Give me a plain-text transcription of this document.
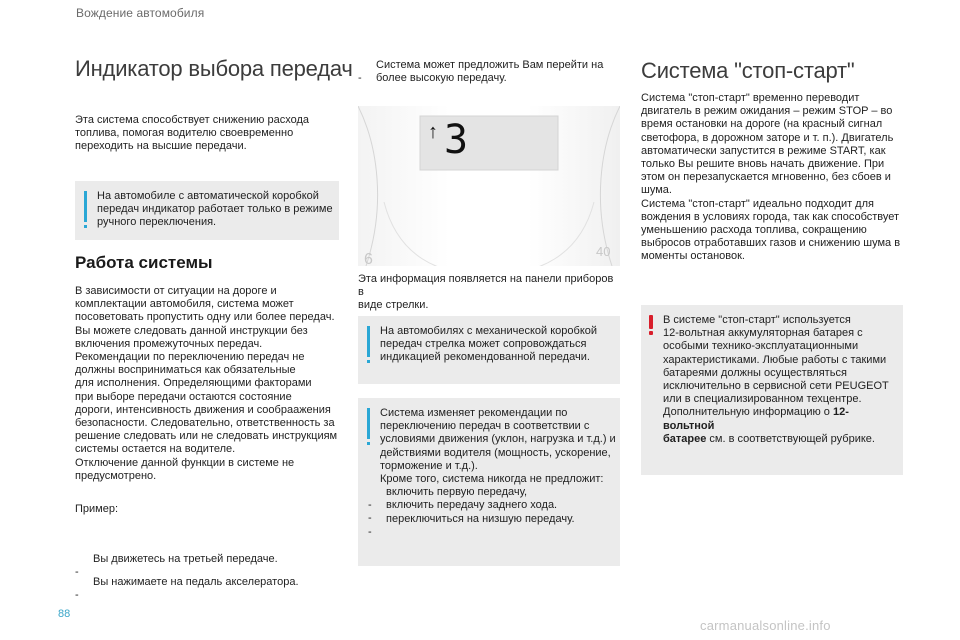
Вождение автомобиля
Индикатор выбора передач
Эта система способствует снижению расхода
топлива, помогая водителю своевременно
переходить на высшие передачи.
На автомобиле с автоматической коробкой
передач индикатор работает только в режиме
ручного переключения.
Работа системы
В зависимости от ситуации на дороге и
комплектации автомобиля, система может
посоветовать пропустить одну или более передач.
Вы можете следовать данной инструкции без
включения промежуточных передач.
Рекомендации по переключению передач не
должны восприниматься как обязательные
для исполнения. Определяющими факторами
при выборе передачи остаются состояние
дороги, интенсивность движения и сообраажения
безопасности. Следовательно, ответственность за
решение следовать или не следовать инструкциям
системы остается на водителе.
Отключение данной функции в системе не
предусмотрено.
Пример:

-
Вы движетесь на третьей передаче.

-
Вы нажимаете на педаль акселератора.

-
Система может предложить Вам перейти на
более высокую передачу.

6	40
↑ 3
Эта информация появляется на панели приборов в
виде стрелки.
На автомобилях с механической коробкой
передач стрелка может сопровождаться
индикацией рекомендованной передачи.
Система изменяет рекомендации по
переключению передач в соответствии с
условиями движения (уклон, нагрузка и т.д.) и
действиями водителя (мощность, ускорение,
торможение и т.д.).
Кроме того, система никогда не предложит:

-
включить первую передачу,

-
включить передачу заднего хода.

-
переключиться на низшую передачу.

Система "стоп-старт"
Система "стоп-старт" временно переводит
двигатель в режим ожидания – режим STOP – во
время остановки на дороге (на красный сигнал
светофора, в дорожном заторе и т. п.). Двигатель
автоматически запустится в режиме START, как
только Вы решите вновь начать движение. При
этом он перезапускается мгновенно, без сбоев и
шума.
Система "стоп-старт" идеально подходит для
вождения в условиях города, так как способствует
уменьшению расхода топлива, сокращению
выбросов отработавших газов и снижению шума в
моменты остановок.
В системе "стоп-старт" используется
12-вольтная аккумуляторная батарея с
особыми технико-эксплуатационными
характеристиками. Любые работы с такими
батареями должны осуществляться
исключительно в сервисной сети PEUGEOT
или в специализированном техцентре.
Дополнительную информацию о 12-вольтной
батарее см. в соответствующей рубрике.
88
carmanualsonline.info
